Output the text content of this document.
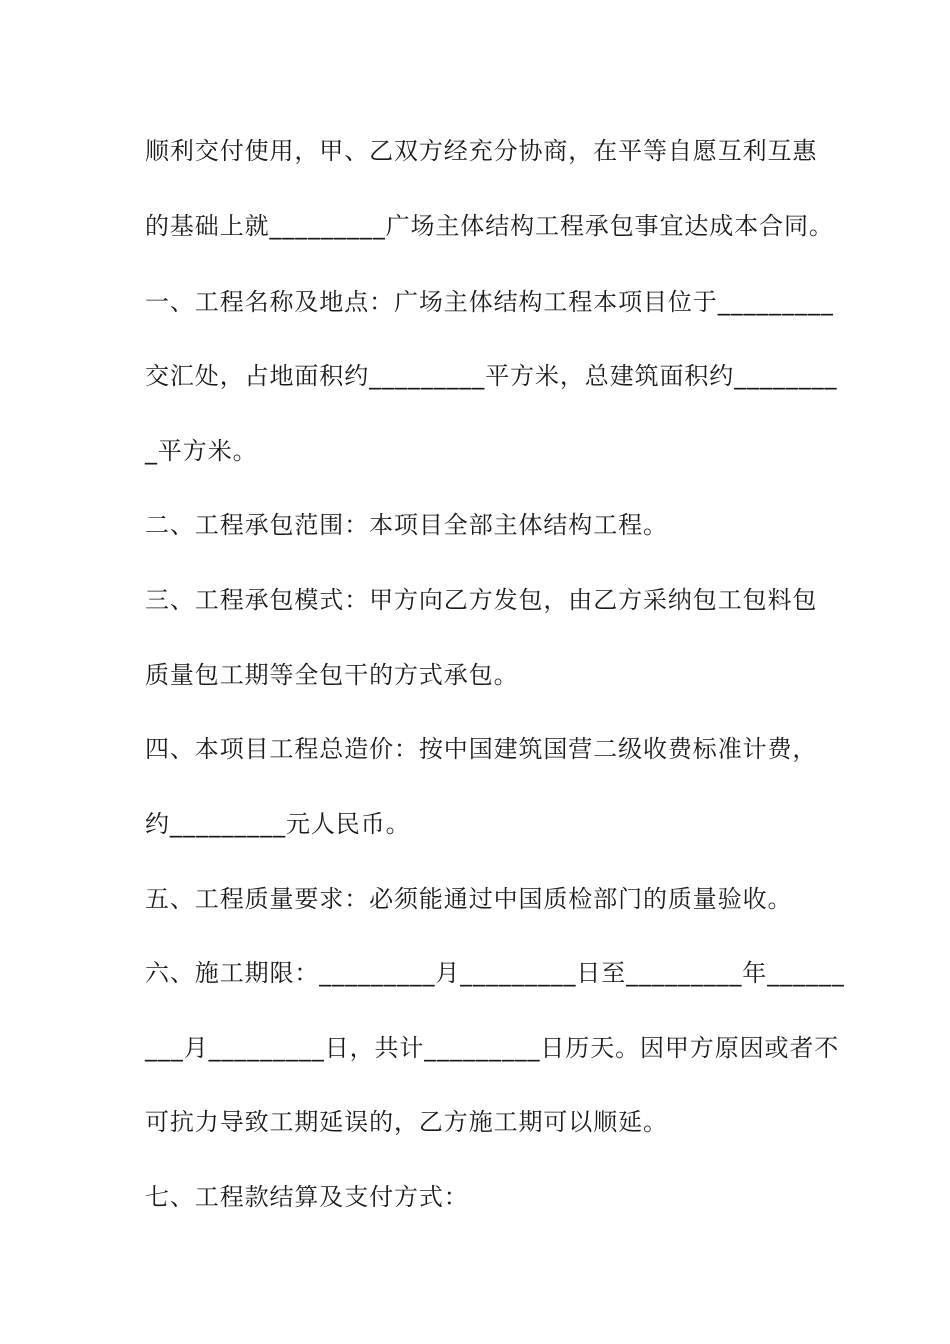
顺利交付使用，甲、乙双方经充分协商，在平等自愿互利互惠

的基础上就_________广场主体结构工程承包事宜达成本合同。

一、工程名称及地点：广场主体结构工程本项目位于_________

交汇处，占地面积约_________平方米，总建筑面积约________

_平方米。

二、工程承包范围：本项目全部主体结构工程。

三、工程承包模式：甲方向乙方发包，由乙方采纳包工包料包

质量包工期等全包干的方式承包。

四、本项目工程总造价：按中国建筑国营二级收费标准计费，

约_________元人民币。

五、工程质量要求：必须能通过中国质检部门的质量验收。

六、施工期限：_________月_________日至_________年______

___月_________日，共计_________日历天。因甲方原因或者不

可抗力导致工期延误的，乙方施工期可以顺延。

七、工程款结算及支付方式：
